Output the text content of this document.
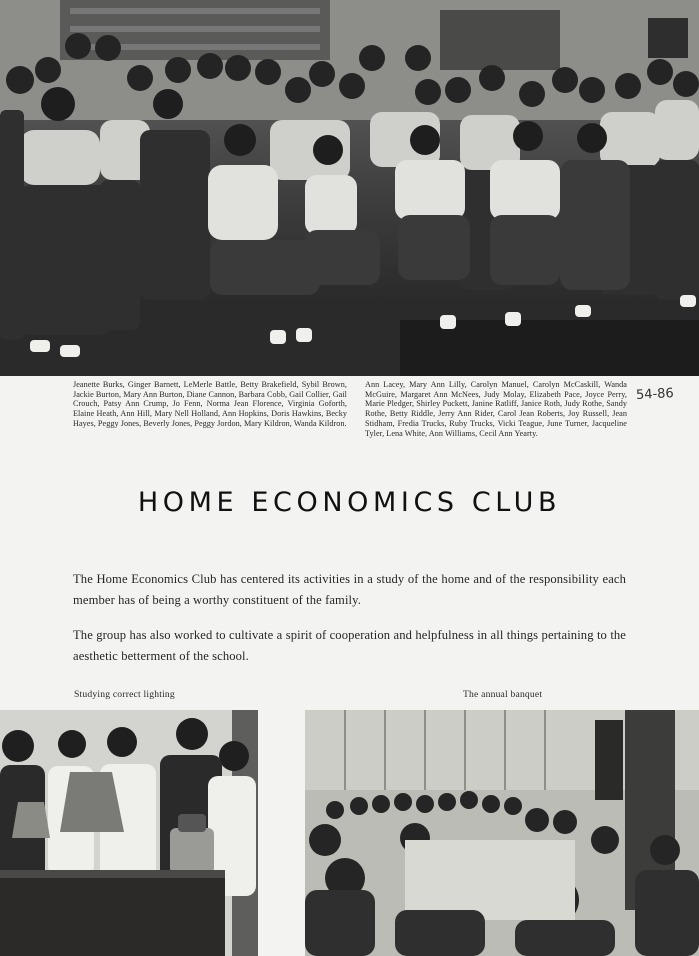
Jeanette Burks, Ginger Barnett, LeMerle Battle, Betty Brakefield, Sybil Brown, Jackie Burton, Mary Ann Burton, Diane Cannon, Barbara Cobb, Gail Collier, Gail Crouch, Patsy Ann Crump, Jo Fenn, Norma Jean Florence, Virginia Goforth, Elaine Heath, Ann Hill, Mary Nell Holland, Ann Hopkins, Doris Hawkins, Becky Hayes, Peggy Jones, Beverly Jones, Peggy Jordon, Mary Kildron, Wanda Kildron.
Ann Lacey, Mary Ann Lilly, Carolyn Manuel, Carolyn McCaskill, Wanda McGuire, Margaret Ann McNees, Judy Molay, Elizabeth Pace, Joyce Perry, Marie Pledger, Shirley Puckett, Janine Ratliff, Janice Roth, Judy Rothe, Sandy Rothe, Betty Riddle, Jerry Ann Rider, Carol Jean Roberts, Joy Russell, Jean Stidham, Fredia Trucks, Ruby Trucks, Vicki Teague, June Turner, Jacqueline Tyler, Lena White, Ann Williams, Cecil Ann Yearty.
54-86
HOME ECONOMICS CLUB

The Home Economics Club has centered its activities in a study of the home and of the responsibility each member has of being a worthy constituent of the family.

The group has also worked to cultivate a spirit of cooperation and helpfulness in all things pertaining to the aesthetic betterment of the school.

Studying correct lighting	The annual banquet
